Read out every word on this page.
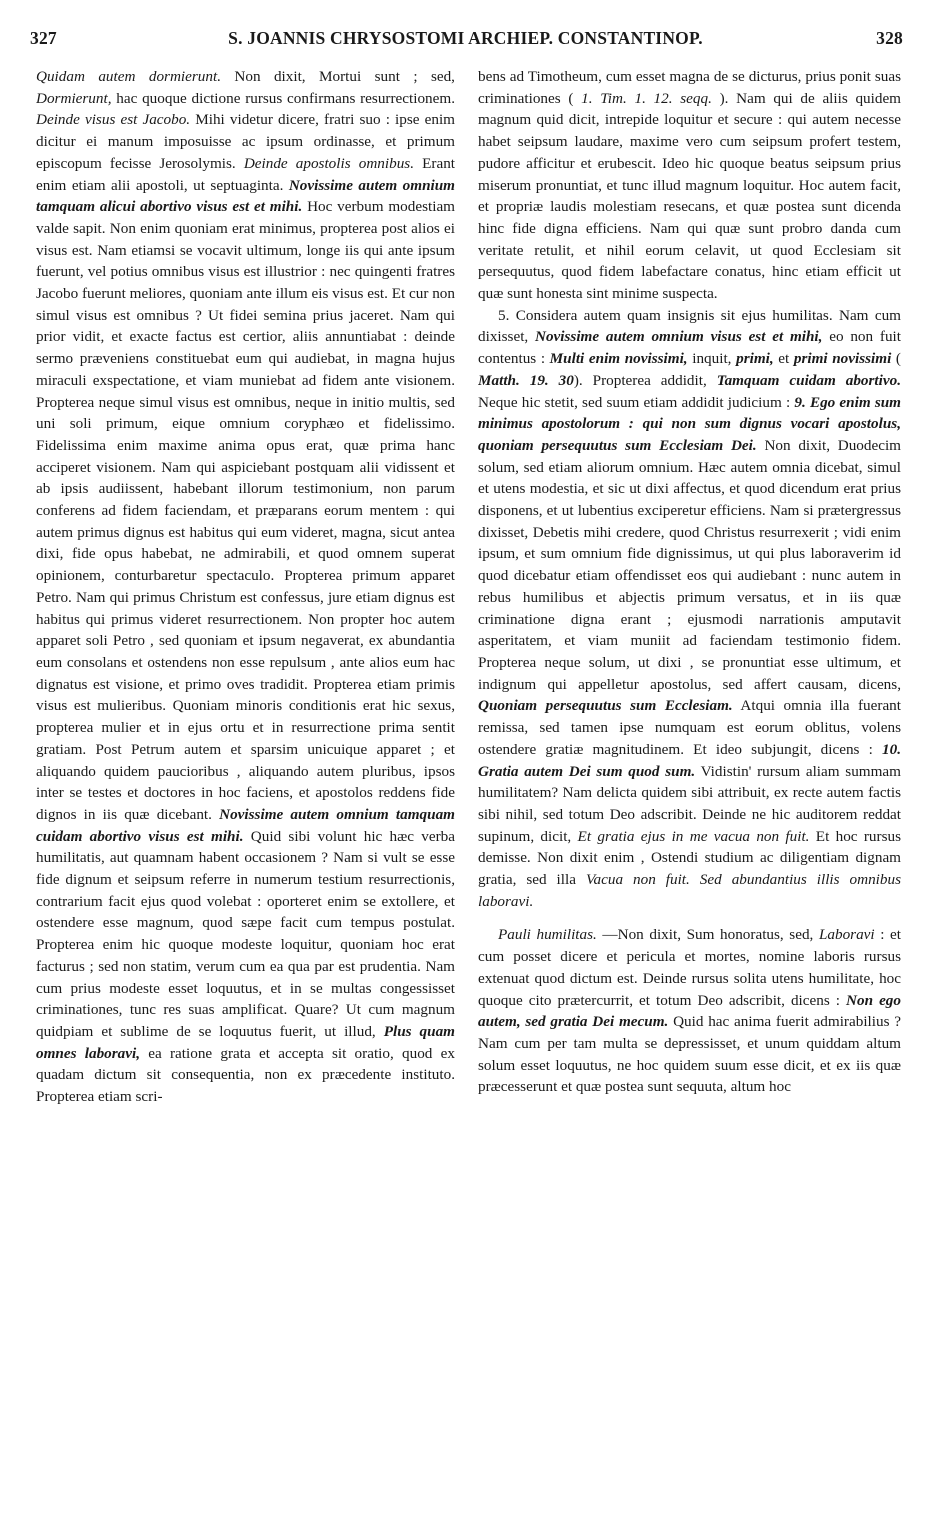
327	S. JOANNIS CHRYSOSTOMI ARCHIEP. CONSTANTINOP.	328

Quidam autem dormierunt. Non dixit, Mortui sunt ; sed, Dormierunt, hac quoque dictione rursus confirmans resurrectionem. Deinde visus est Jacobo. Mihi videtur dicere, fratri suo : ipse enim dicitur ei manum imposuisse ac ipsum ordinasse, et primum episcopum fecisse Jerosolymis. Deinde apostolis omnibus. Erant enim etiam alii apostoli, ut septuaginta. Novissime autem omnium tamquam alicui abortivo visus est et mihi. Hoc verbum modestiam valde sapit. Non enim quoniam erat minimus, propterea post alios ei visus est. Nam etiamsi se vocavit ultimum, longe iis qui ante ipsum fuerunt, vel potius omnibus visus est illustrior : nec quingenti fratres Jacobo fuerunt meliores, quoniam ante illum eis visus est. Et cur non simul visus est omnibus ? Ut fidei semina prius jaceret. Nam qui prior vidit, et exacte factus est certior, aliis annuntiabat : deinde sermo præveniens constituebat eum qui audiebat, in magna hujus miraculi exspectatione, et viam muniebat ad fidem ante visionem. Propterea neque simul visus est omnibus, neque in initio multis, sed uni soli primum, eique omnium coryphæo et fidelissimo. Fidelissima enim maxime anima opus erat, quæ prima hanc acciperet visionem. Nam qui aspiciebant postquam alii vidissent et ab ipsis audiissent, habebant illorum testimonium, non parum conferens ad fidem faciendam, et præparans eorum mentem : qui autem primus dignus est habitus qui eum videret, magna, sicut antea dixi, fide opus habebat, ne admirabili, et quod omnem superat opinionem, conturbaretur spectaculo. Propterea primum apparet Petro. Nam qui primus Christum est confessus, jure etiam dignus est habitus qui primus videret resurrectionem. Non propter hoc autem apparet soli Petro , sed quoniam et ipsum negaverat, ex abundantia eum consolans et ostendens non esse repulsum , ante alios eum hac dignatus est visione, et primo oves tradidit. Propterea etiam primis visus est mulieribus. Quoniam minoris conditionis erat hic sexus, propterea mulier et in ejus ortu et in resurrectione prima sentit gratiam. Post Petrum autem et sparsim unicuique apparet ; et aliquando quidem paucioribus , aliquando autem pluribus, ipsos inter se testes et doctores in hoc faciens, et apostolos reddens fide dignos in iis quæ dicebant. Novissime autem omnium tamquam cuidam abortivo visus est mihi. Quid sibi volunt hic hæc verba humilitatis, aut quamnam habent occasionem ? Nam si vult se esse fide dignum et seipsum referre in numerum testium resurrectionis, contrarium facit ejus quod volebat : oporteret enim se extollere, et ostendere esse magnum, quod sæpe facit cum tempus postulat. Propterea enim hic quoque modeste loquitur, quoniam hoc erat facturus ; sed non statim, verum cum ea qua par est prudentia. Nam cum prius modeste esset loquutus, et in se multas congessisset criminationes, tunc res suas amplificat. Quare? Ut cum magnum quidpiam et sublime de se loquutus fuerit, ut illud, Plus quam omnes laboravi, ea ratione grata et accepta sit oratio, quod ex quadam dictum sit consequentia, non ex præcedente instituto. Propterea etiam scri-

bens ad Timotheum, cum esset magna de se dicturus, prius ponit suas criminationes ( 1. Tim. 1. 12. seqq. ). Nam qui de aliis quidem magnum quid dicit, intrepide loquitur et secure : qui autem necesse habet seipsum laudare, maxime vero cum seipsum profert testem, pudore afficitur et erubescit. Ideo hic quoque beatus seipsum prius miserum pronuntiat, et tunc illud magnum loquitur. Hoc autem facit, et propriæ laudis molestiam resecans, et quæ postea sunt dicenda hinc fide digna efficiens. Nam qui quæ sunt probro danda cum veritate retulit, et nihil eorum celavit, ut quod Ecclesiam sit persequutus, quod fidem labefactare conatus, hinc etiam efficit ut quæ sunt honesta sint minime suspecta.

5. Considera autem quam insignis sit ejus humilitas. Nam cum dixisset, Novissime autem omnium visus est et mihi, eo non fuit contentus : Multi enim novissimi, inquit, primi, et primi novissimi ( Matth. 19. 30). Propterea addidit, Tamquam cuidam abortivo. Neque hic stetit, sed suum etiam addidit judicium : 9. Ego enim sum minimus apostolorum : qui non sum dignus vocari apostolus, quoniam persequutus sum Ecclesiam Dei. Non dixit, Duodecim solum, sed etiam aliorum omnium. Hæc autem omnia dicebat, simul et utens modestia, et sic ut dixi affectus, et quod dicendum erat prius disponens, et ut lubentius exciperetur efficiens. Nam si prætergressus dixisset, Debetis mihi credere, quod Christus resurrexerit ; vidi enim ipsum, et sum omnium fide dignissimus, ut qui plus laboraverim id quod dicebatur etiam offendisset eos qui audiebant : nunc autem in rebus humilibus et abjectis primum versatus, et in iis quæ criminatione digna erant ; ejusmodi narrationis amputavit asperitatem, et viam muniit ad faciendam testimonio fidem. Propterea neque solum, ut dixi , se pronuntiat esse ultimum, et indignum qui appelletur apostolus, sed affert causam, dicens, Quoniam persequutus sum Ecclesiam. Atqui omnia illa fuerant remissa, sed tamen ipse numquam est eorum oblitus, volens ostendere gratiæ magnitudinem. Et ideo subjungit, dicens : 10. Gratia autem Dei sum quod sum. Vidistin' rursum aliam summam humilitatem? Nam delicta quidem sibi attribuit, ex recte autem factis sibi nihil, sed totum Deo adscribit. Deinde ne hic auditorem reddat supinum, dicit, Et gratia ejus in me vacua non fuit. Et hoc rursus demisse. Non dixit enim , Ostendi studium ac diligentiam dignam gratia, sed illa Vacua non fuit. Sed abundantius illis omnibus laboravi.

Pauli humilitas. —Non dixit, Sum honoratus, sed, Laboravi : et cum posset dicere et pericula et mortes, nomine laboris rursus extenuat quod dictum est. Deinde rursus solita utens humilitate, hoc quoque cito prætercurrit, et totum Deo adscribit, dicens : Non ego autem, sed gratia Dei mecum. Quid hac anima fuerit admirabilius ? Nam cum per tam multa se depressisset, et unum quiddam altum solum esset loquutus, ne hoc quidem suum esse dicit, et ex iis quæ præcesserunt et quæ postea sunt sequuta, altum hoc
